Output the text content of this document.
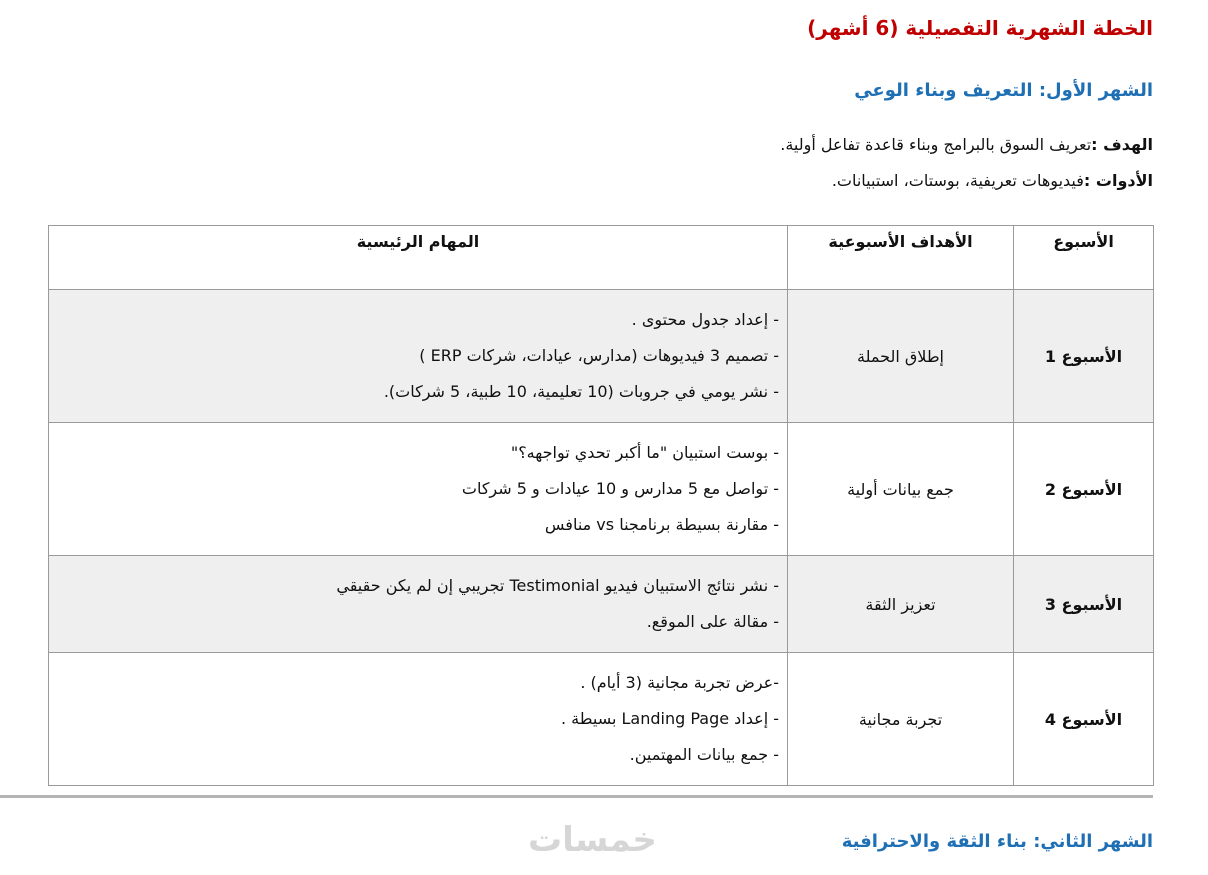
الخطة الشهرية التفصيلية (6 أشهر)
الشهر الأول: التعريف وبناء الوعي
الهدف :تعريف السوق بالبرامج وبناء قاعدة تفاعل أولية.
الأدوات :فيديوهات تعريفية، بوستات، استبيانات.
الأسبوع	الأهداف الأسبوعية	المهام الرئيسية
الأسبوع 1	إطلاق الحملة	- إعداد جدول محتوى .
- تصميم 3 فيديوهات (مدارس، عيادات، شركات ERP )
- نشر يومي في جروبات (10 تعليمية، 10 طبية، 5 شركات).

الأسبوع 2	جمع بيانات أولية	- بوست استبيان "ما أكبر تحدي تواجهه؟"
- تواصل مع 5 مدارس و 10 عيادات و 5 شركات
- مقارنة بسيطة برنامجنا vs منافس

الأسبوع 3	تعزيز الثقة	- نشر نتائج الاستبيان فيديو Testimonial تجريبي إن لم يكن حقيقي
- مقالة على الموقع.

الأسبوع 4	تجربة مجانية	-عرض تجربة مجانية (3 أيام) .
- إعداد Landing Page بسيطة .
- جمع بيانات المهتمين.
خمسات	الشهر الثاني: بناء الثقة والاحترافية
